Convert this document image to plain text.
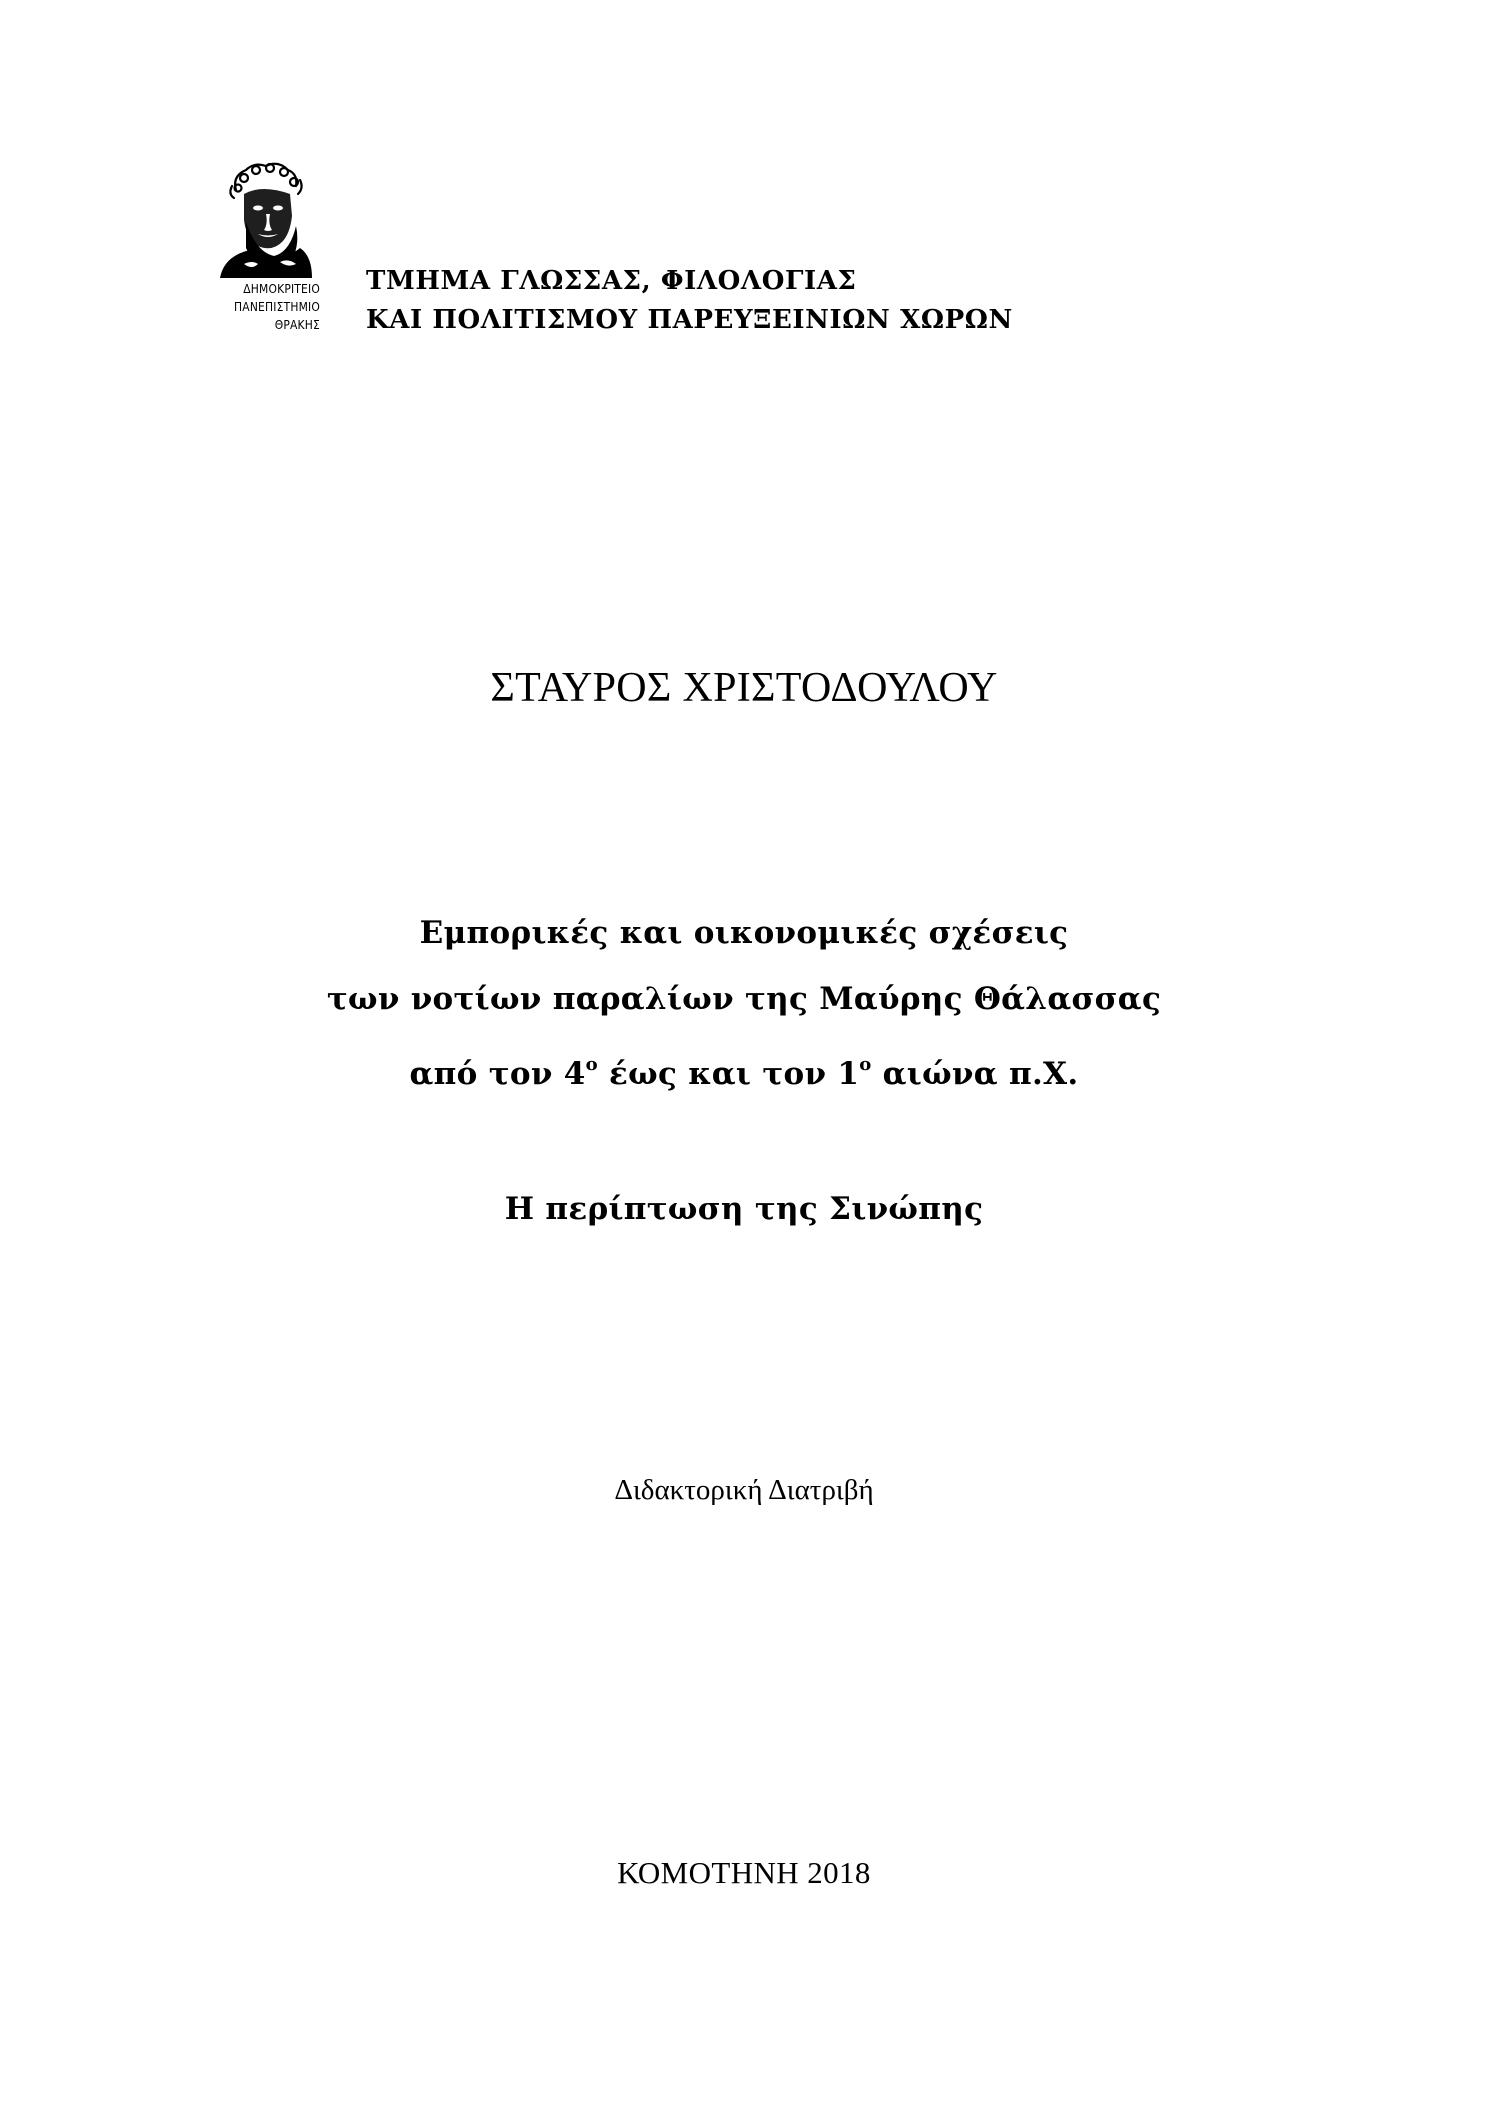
ΔΗΜΟΚΡΙΤΕΙΟ
ΠΑΝΕΠΙΣΤΗΜΙΟ
ΘΡΑΚΗΣ
ΤΜΗΜΑ ΓΛΩΣΣΑΣ, ΦΙΛΟΛΟΓΙΑΣ
ΚΑΙ ΠΟΛΙΤΙΣΜΟΥ ΠΑΡΕΥΞΕΙΝΙΩΝ ΧΩΡΩΝ
ΣΤΑΥΡΟΣ ΧΡΙΣΤΟΔΟΥΛΟΥ
Εμπορικές και οικονομικές σχέσεις
των νοτίων παραλίων της Μαύρης Θάλασσας
από τον $4^o$ έως και τον $1^o$ αιώνα π.Χ.
Η περίπτωση της Σινώπης
Διδακτορική Διατριβή
ΚΟΜΟΤΗΝΗ 2018
